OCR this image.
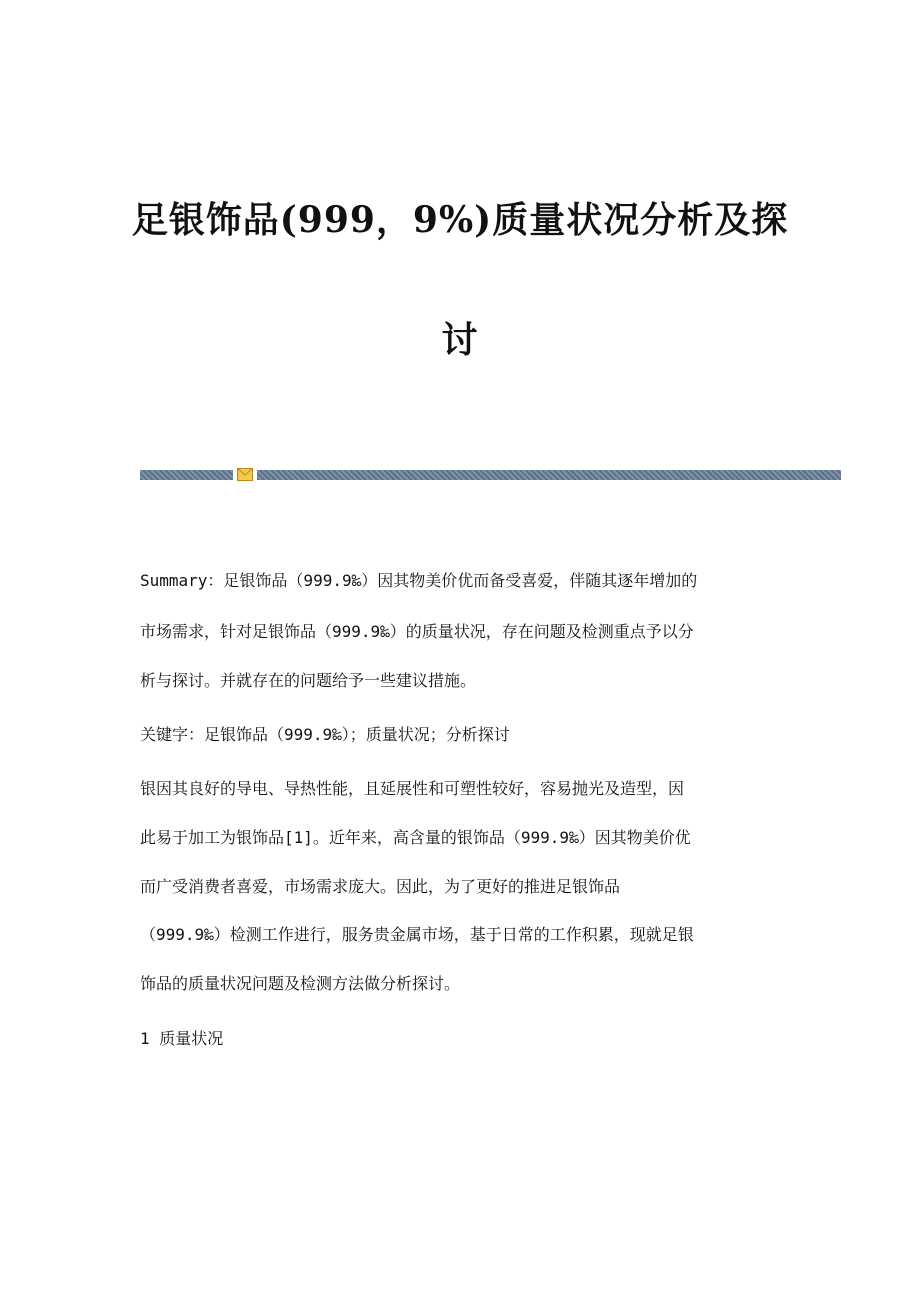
足银饰品(999，9%)质量状况分析及探
讨
Summary：足银饰品（999.9‰）因其物美价优而备受喜爱，伴随其逐年增加的
市场需求，针对足银饰品（999.9‰）的质量状况，存在问题及检测重点予以分
析与探讨。并就存在的问题给予一些建议措施。
关键字：足银饰品（999.9‰）；质量状况；分析探讨
银因其良好的导电、导热性能，且延展性和可塑性较好，容易抛光及造型，因
此易于加工为银饰品[1]。近年来，高含量的银饰品（999.9‰）因其物美价优
而广受消费者喜爱，市场需求庞大。因此，为了更好的推进足银饰品
（999.9‰）检测工作进行，服务贵金属市场，基于日常的工作积累，现就足银
饰品的质量状况问题及检测方法做分析探讨。
1 质量状况
